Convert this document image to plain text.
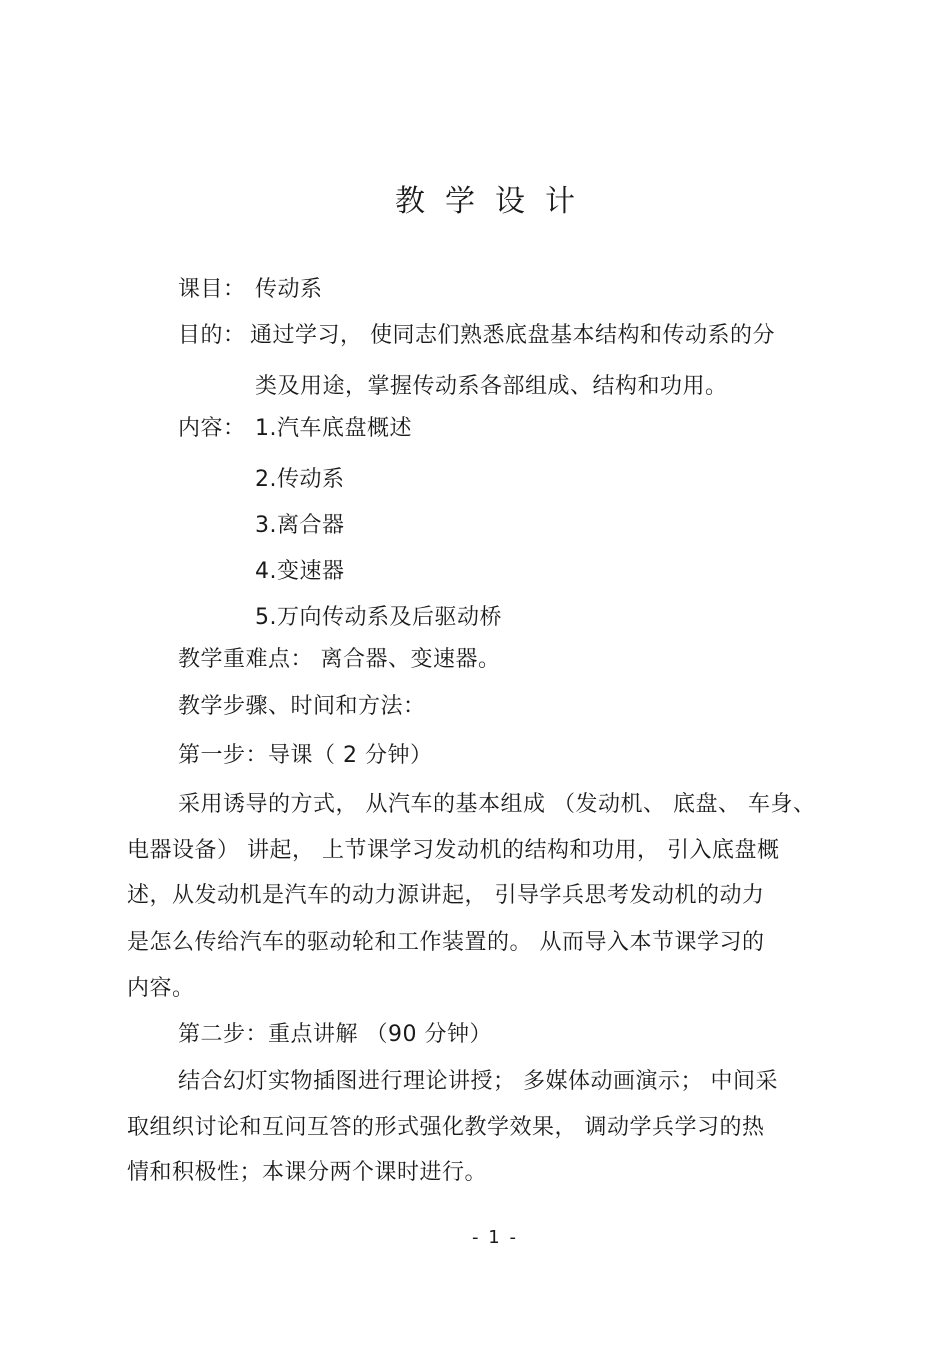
教学设计
课目： 传动系
目的： 通过学习， 使同志们熟悉底盘基本结构和传动系的分
类及用途，掌握传动系各部组成、结构和功用。
内容： 1.汽车底盘概述
2.传动系
3.离合器
4.变速器
5.万向传动系及后驱动桥
教学重难点： 离合器、变速器。
教学步骤、时间和方法：
第一步：导课（ 2 分钟）
采用诱导的方式， 从汽车的基本组成 （发动机、 底盘、 车身、
电器设备） 讲起， 上节课学习发动机的结构和功用， 引入底盘概
述，从发动机是汽车的动力源讲起， 引导学兵思考发动机的动力
是怎么传给汽车的驱动轮和工作装置的。 从而导入本节课学习的
内容。
第二步：重点讲解 （90 分钟）
结合幻灯实物插图进行理论讲授； 多媒体动画演示； 中间采
取组织讨论和互问互答的形式强化教学效果， 调动学兵学习的热
情和积极性；本课分两个课时进行。
- 1 -
